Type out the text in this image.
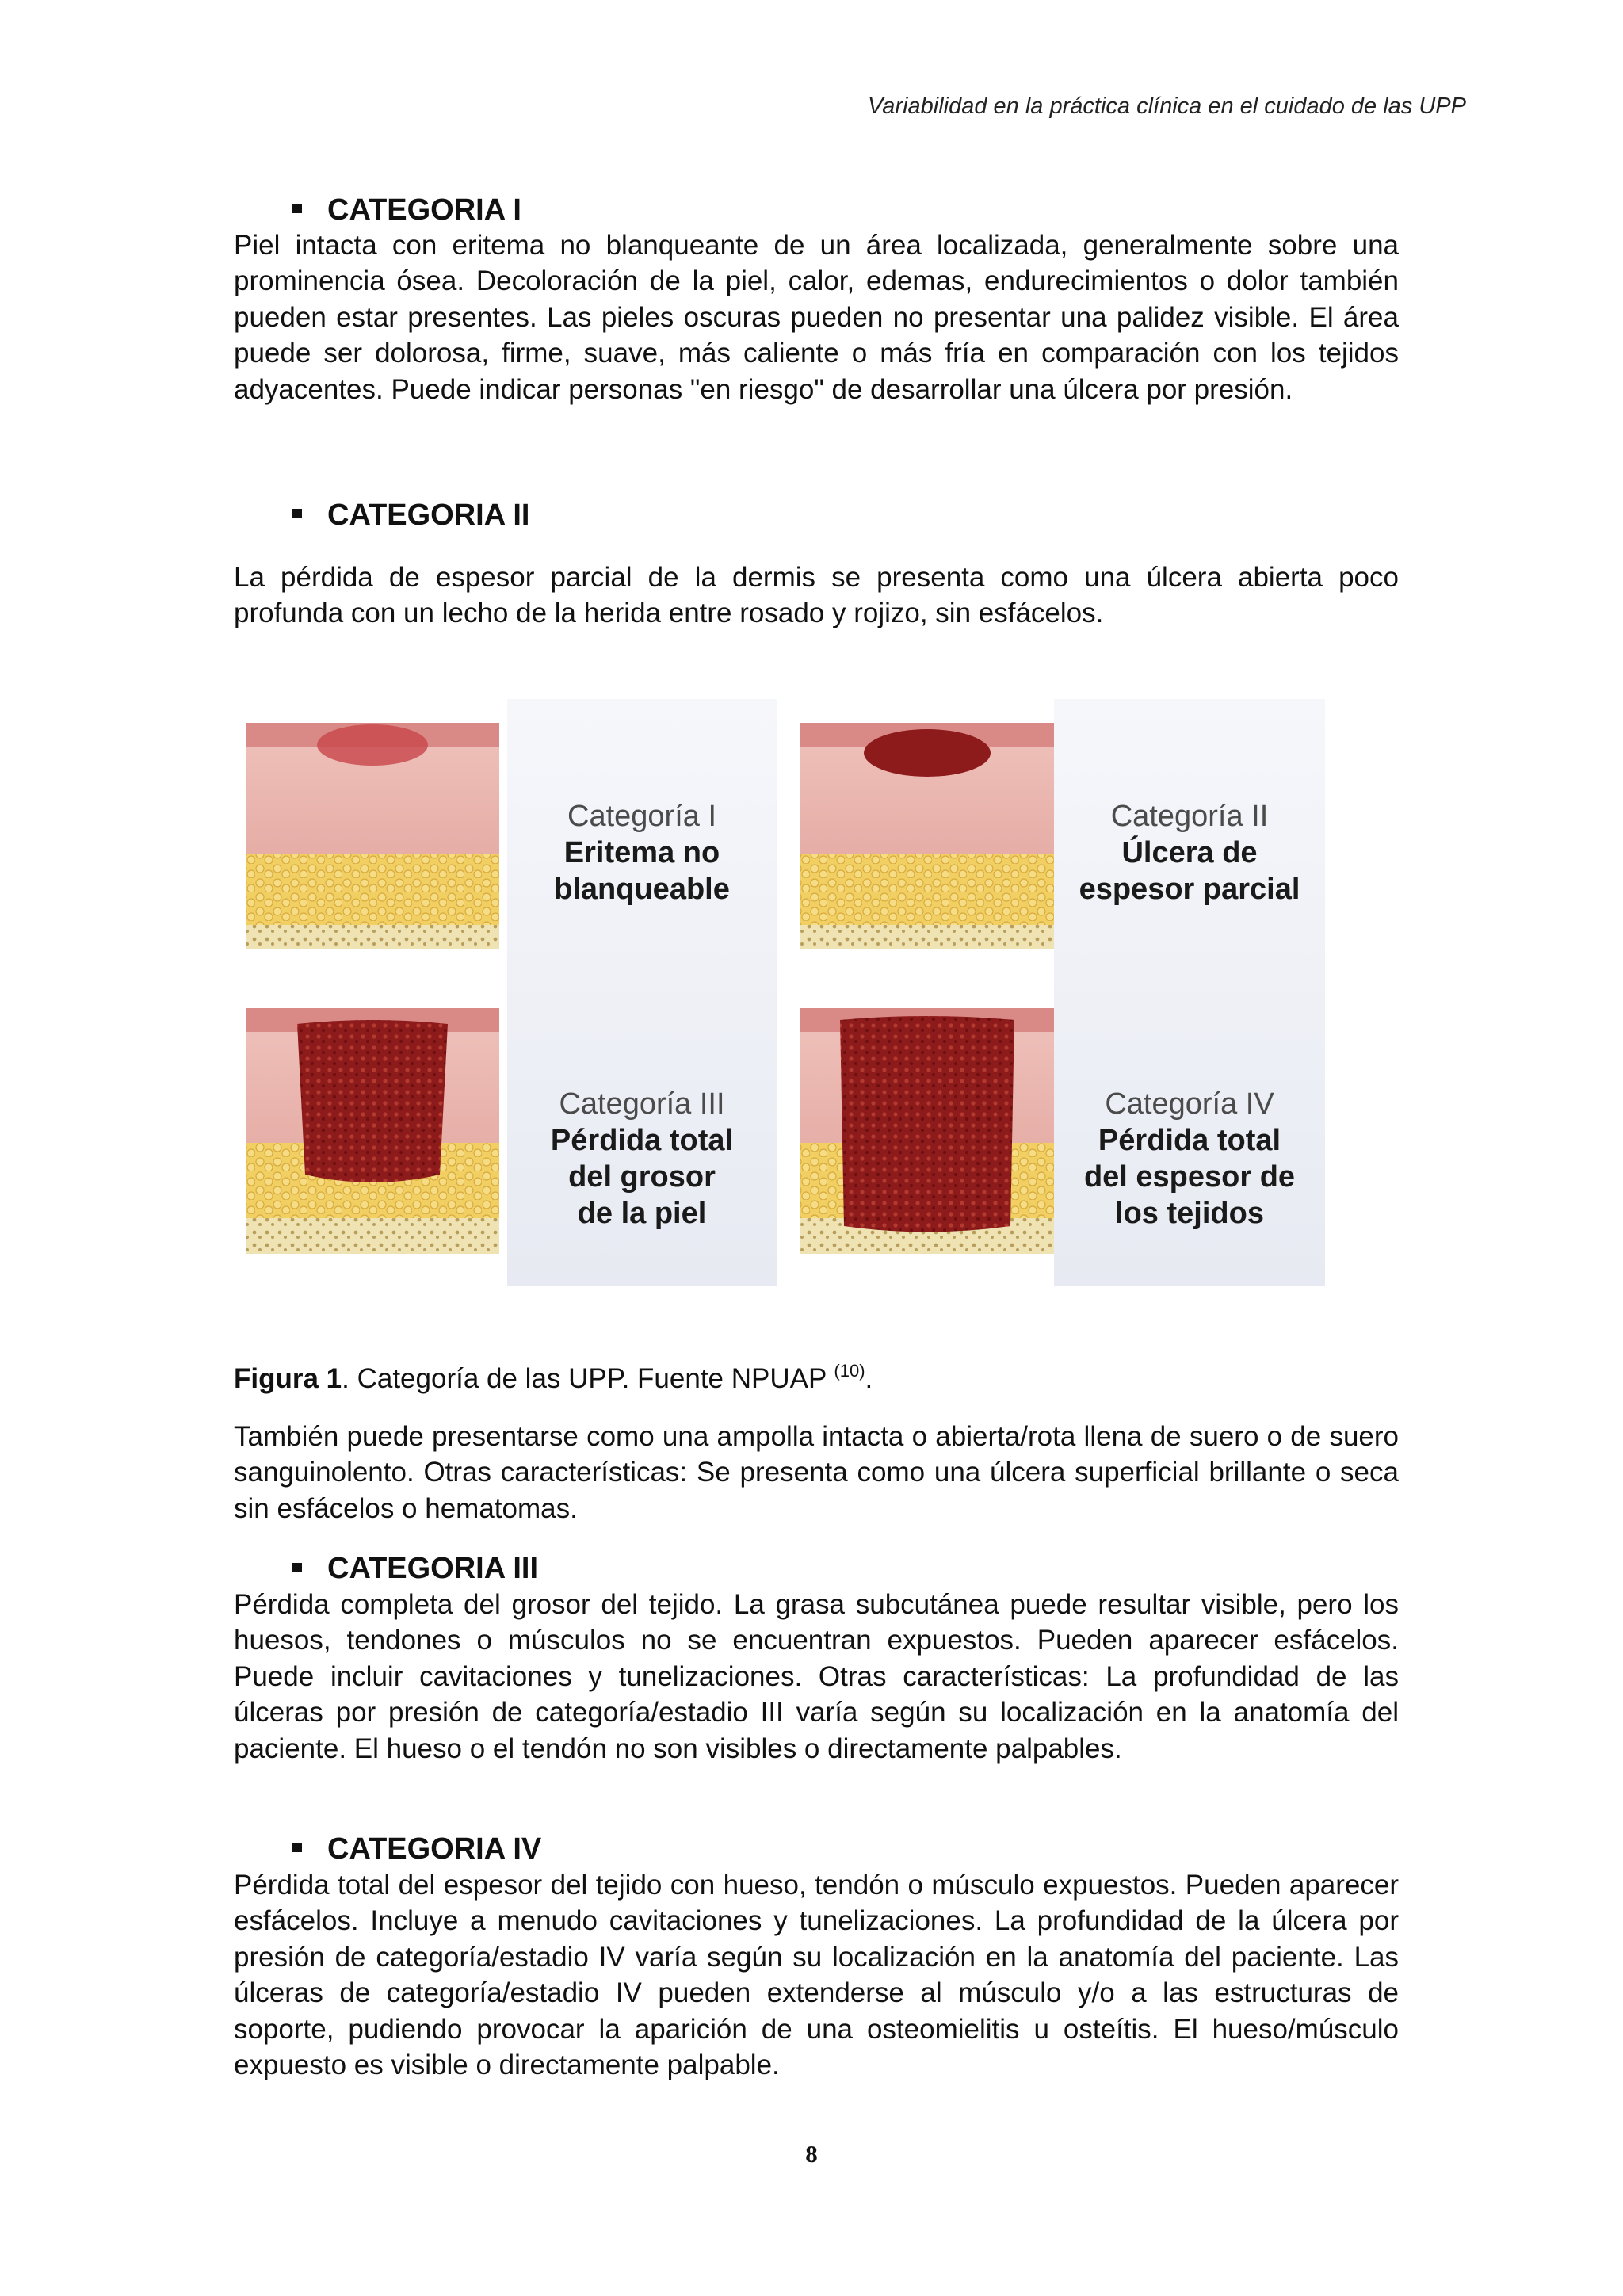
Variabilidad en la práctica clínica en el cuidado de las UPP
CATEGORIA I

Piel intacta con eritema no blanqueante de un área localizada, generalmente sobre una prominencia ósea. Decoloración de la piel, calor, edemas, endurecimientos o dolor también pueden estar presentes. Las pieles oscuras pueden no presentar una palidez visible. El área puede ser dolorosa, firme, suave, más caliente o más fría en comparación con los tejidos adyacentes. Puede indicar personas "en riesgo" de desarrollar una úlcera por presión.

CATEGORIA II

La pérdida de espesor parcial de la dermis se presenta como una úlcera abierta poco profunda con un lecho de la herida entre rosado y rojizo, sin esfácelos.

Categoría I
Eritema no
blanqueable
Categoría II
Úlcera de
espesor parcial
Categoría III
Pérdida total
del grosor
de la piel
Categoría IV
Pérdida total
del espesor de
los tejidos
Figura 1. Categoría de las UPP. Fuente NPUAP $^{(10)}$.

También puede presentarse como una ampolla intacta o abierta/rota llena de suero o de suero sanguinolento. Otras características: Se presenta como una úlcera superficial brillante o seca sin esfácelos o hematomas.

CATEGORIA III

Pérdida completa del grosor del tejido. La grasa subcutánea puede resultar visible, pero los huesos, tendones o músculos no se encuentran expuestos. Pueden aparecer esfácelos. Puede incluir cavitaciones y tunelizaciones. Otras características: La profundidad de las úlceras por presión de categoría/estadio III varía según su localización en la anatomía del paciente. El hueso o el tendón no son visibles o directamente palpables.

CATEGORIA IV

Pérdida total del espesor del tejido con hueso, tendón o músculo expuestos. Pueden aparecer esfácelos. Incluye a menudo cavitaciones y tunelizaciones. La profundidad de la úlcera por presión de categoría/estadio IV varía según su localización en la anatomía del paciente. Las úlceras de categoría/estadio IV pueden extenderse al músculo y/o a las estructuras de soporte, pudiendo provocar la aparición de una osteomielitis u osteítis. El hueso/músculo expuesto es visible o directamente palpable.

8
